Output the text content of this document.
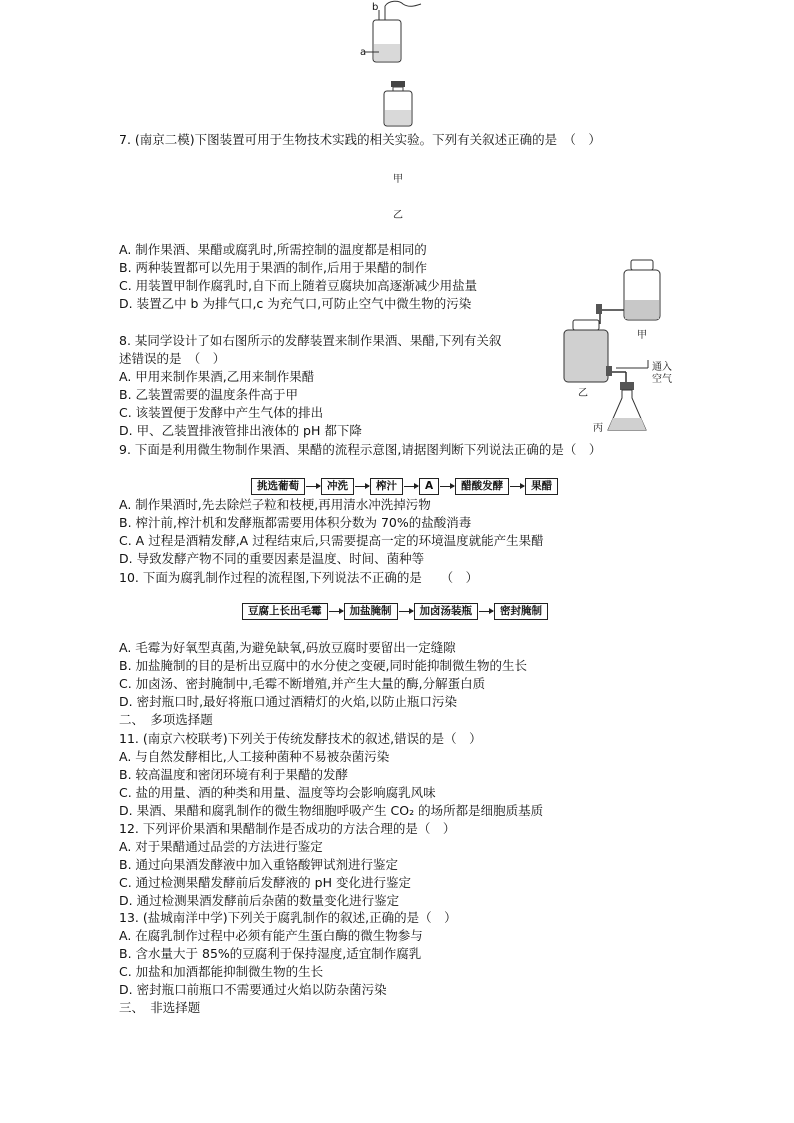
b
a
7. (南京二模)下图装置可用于生物技术实践的相关实验。下列有关叙述正确的是　（　）
甲
乙
A. 制作果酒、果醋或腐乳时,所需控制的温度都是相同的
B. 两种装置都可以先用于果酒的制作,后用于果醋的制作
C. 用装置甲制作腐乳时,自下而上随着豆腐块加高逐渐减少用盐量
D. 装置乙中 b 为排气口,c 为充气口,可防止空气中微生物的污染
甲
乙
丙
通入
空气
8. 某同学设计了如右图所示的发酵装置来制作果酒、果醋,下列有关叙
述错误的是　（　）
A. 甲用来制作果酒,乙用来制作果醋
B. 乙装置需要的温度条件高于甲
C. 该装置便于发酵中产生气体的排出
D. 甲、乙装置排液管排出液体的 pH 都下降
9. 下面是利用微生物制作果酒、果醋的流程示意图,请据图判断下列说法正确的是（　）
挑选葡萄	冲洗	榨汁	A	醋酸发酵	果醋
A. 制作果酒时,先去除烂子粒和枝梗,再用清水冲洗掉污物
B. 榨汁前,榨汁机和发酵瓶都需要用体积分数为 70%的盐酸消毒
C. A 过程是酒精发酵,A 过程结束后,只需要提高一定的环境温度就能产生果醋
D. 导致发酵产物不同的重要因素是温度、时间、菌种等
10. 下面为腐乳制作过程的流程图,下列说法不正确的是　　（　）
豆腐上长出毛霉	加盐腌制	加卤汤装瓶	密封腌制
A. 毛霉为好氧型真菌,为避免缺氧,码放豆腐时要留出一定缝隙
B. 加盐腌制的目的是析出豆腐中的水分使之变硬,同时能抑制微生物的生长
C. 加卤汤、密封腌制中,毛霉不断增殖,并产生大量的酶,分解蛋白质
D. 密封瓶口时,最好将瓶口通过酒精灯的火焰,以防止瓶口污染
二、　多项选择题
11. (南京六校联考)下列关于传统发酵技术的叙述,错误的是（　）
A. 与自然发酵相比,人工接种菌种不易被杂菌污染
B. 较高温度和密闭环境有利于果醋的发酵
C. 盐的用量、酒的种类和用量、温度等均会影响腐乳风味
D. 果酒、果醋和腐乳制作的微生物细胞呼吸产生 CO₂ 的场所都是细胞质基质
12. 下列评价果酒和果醋制作是否成功的方法合理的是（　）
A. 对于果醋通过品尝的方法进行鉴定
B. 通过向果酒发酵液中加入重铬酸钾试剂进行鉴定
C. 通过检测果醋发酵前后发酵液的 pH 变化进行鉴定
D. 通过检测果酒发酵前后杂菌的数量变化进行鉴定
13. (盐城南洋中学)下列关于腐乳制作的叙述,正确的是（　）
A. 在腐乳制作过程中必须有能产生蛋白酶的微生物参与
B. 含水量大于 85%的豆腐利于保持湿度,适宜制作腐乳
C. 加盐和加酒都能抑制微生物的生长
D. 密封瓶口前瓶口不需要通过火焰以防杂菌污染
三、　非选择题
